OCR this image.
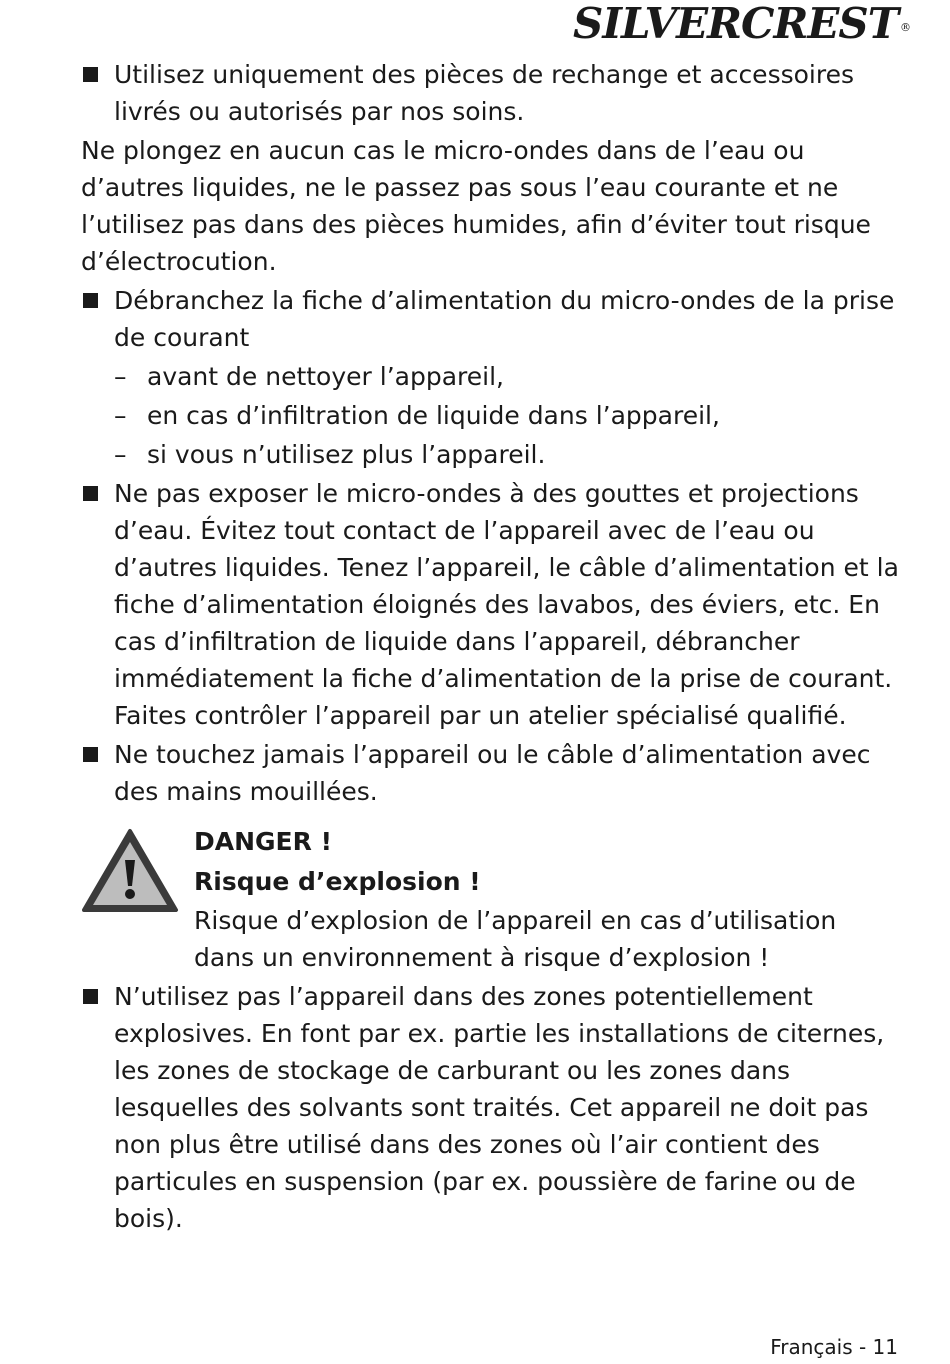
SILVERCREST ®
Utilisez uniquement des pièces de rechange et accessoires livrés ou autorisés par nos soins.
Ne plongez en aucun cas le micro-ondes dans de l’eau ou d’autres liquides, ne le passez pas sous l’eau courante et ne l’utilisez pas dans des pièces humides, afin d’éviter tout risque d’électrocution.
Débranchez la fiche d’alimentation du micro-ondes de la prise de courant
– avant de nettoyer l’appareil,
– en cas d’infiltration de liquide dans l’appareil,
– si vous n’utilisez plus l’appareil.
Ne pas exposer le micro-ondes à des gouttes et projections d’eau. Évitez tout contact de l’appareil avec de l’eau ou d’autres liquides. Tenez l’appareil, le câble d’alimentation et la fiche d’alimentation éloignés des lavabos, des éviers, etc. En cas d’infiltration de liquide dans l’appareil, débrancher immédiatement la fiche d’alimentation de la prise de courant. Faites contrôler l’appareil par un atelier spécialisé qualifié.
Ne touchez jamais l’appareil ou le câble d’alimentation avec des mains mouillées.
DANGER !
Risque d’explosion !
Risque d’explosion de l’appareil en cas d’utilisation dans un environnement à risque d’explosion !
N’utilisez pas l’appareil dans des zones potentiellement explosives. En font par ex. partie les installations de citernes, les zones de stockage de carburant ou les zones dans lesquelles des solvants sont traités. Cet appareil ne doit pas non plus être utilisé dans des zones où l’air contient des particules en suspension (par ex. poussière de farine ou de bois).
Français - 11
